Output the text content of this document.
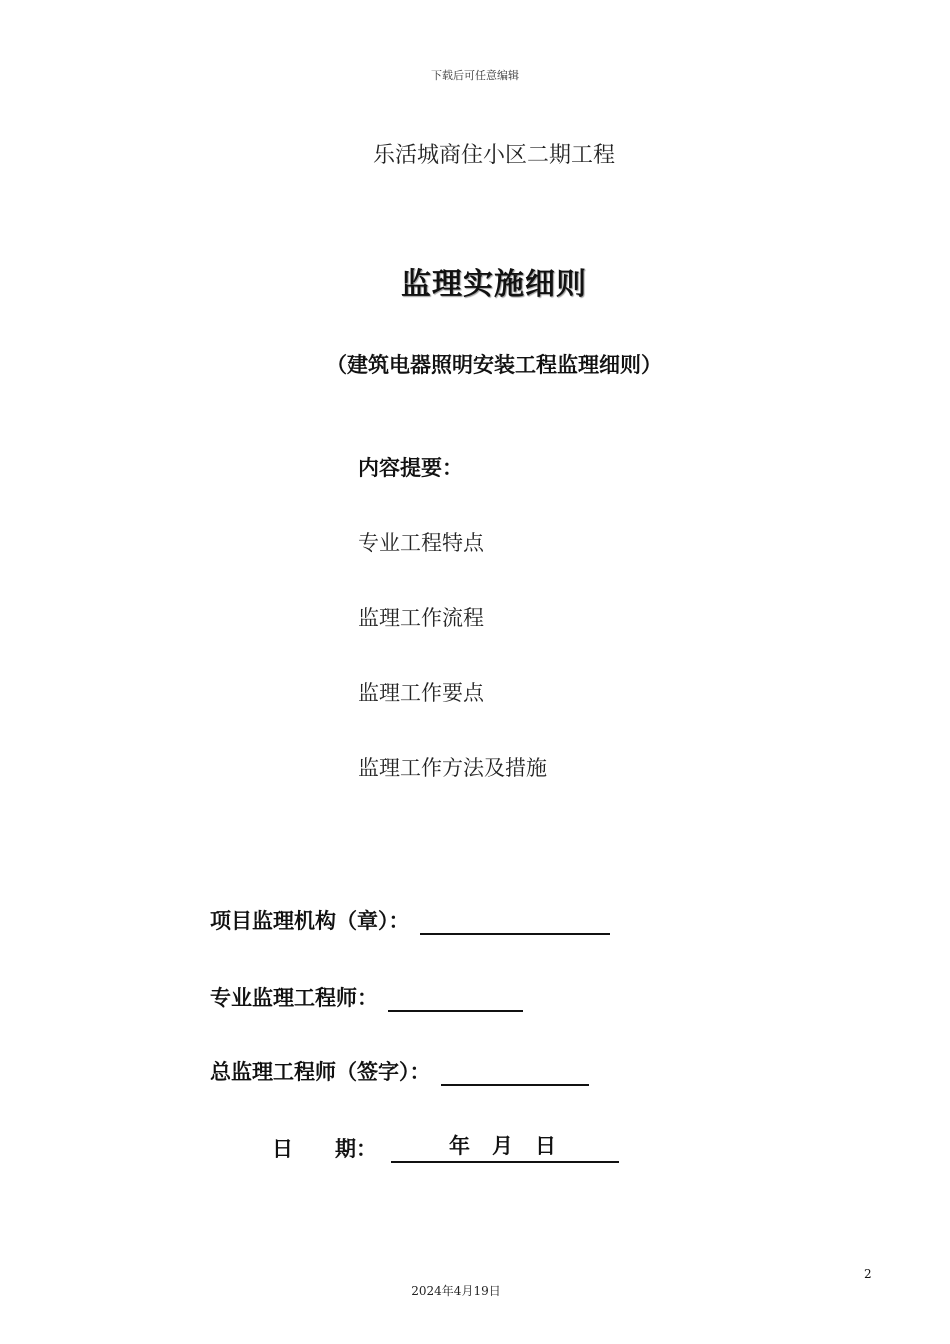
下载后可任意编辑
乐活城商住小区二期工程
监理实施细则
（建筑电器照明安装工程监理细则）
内容提要：
专业工程特点
监理工作流程
监理工作要点
监理工作方法及措施
项目监理机构（章）：
专业监理工程师：
总监理工程师（签字）：
日　　期：	年 月 日
2
2024年4月19日
